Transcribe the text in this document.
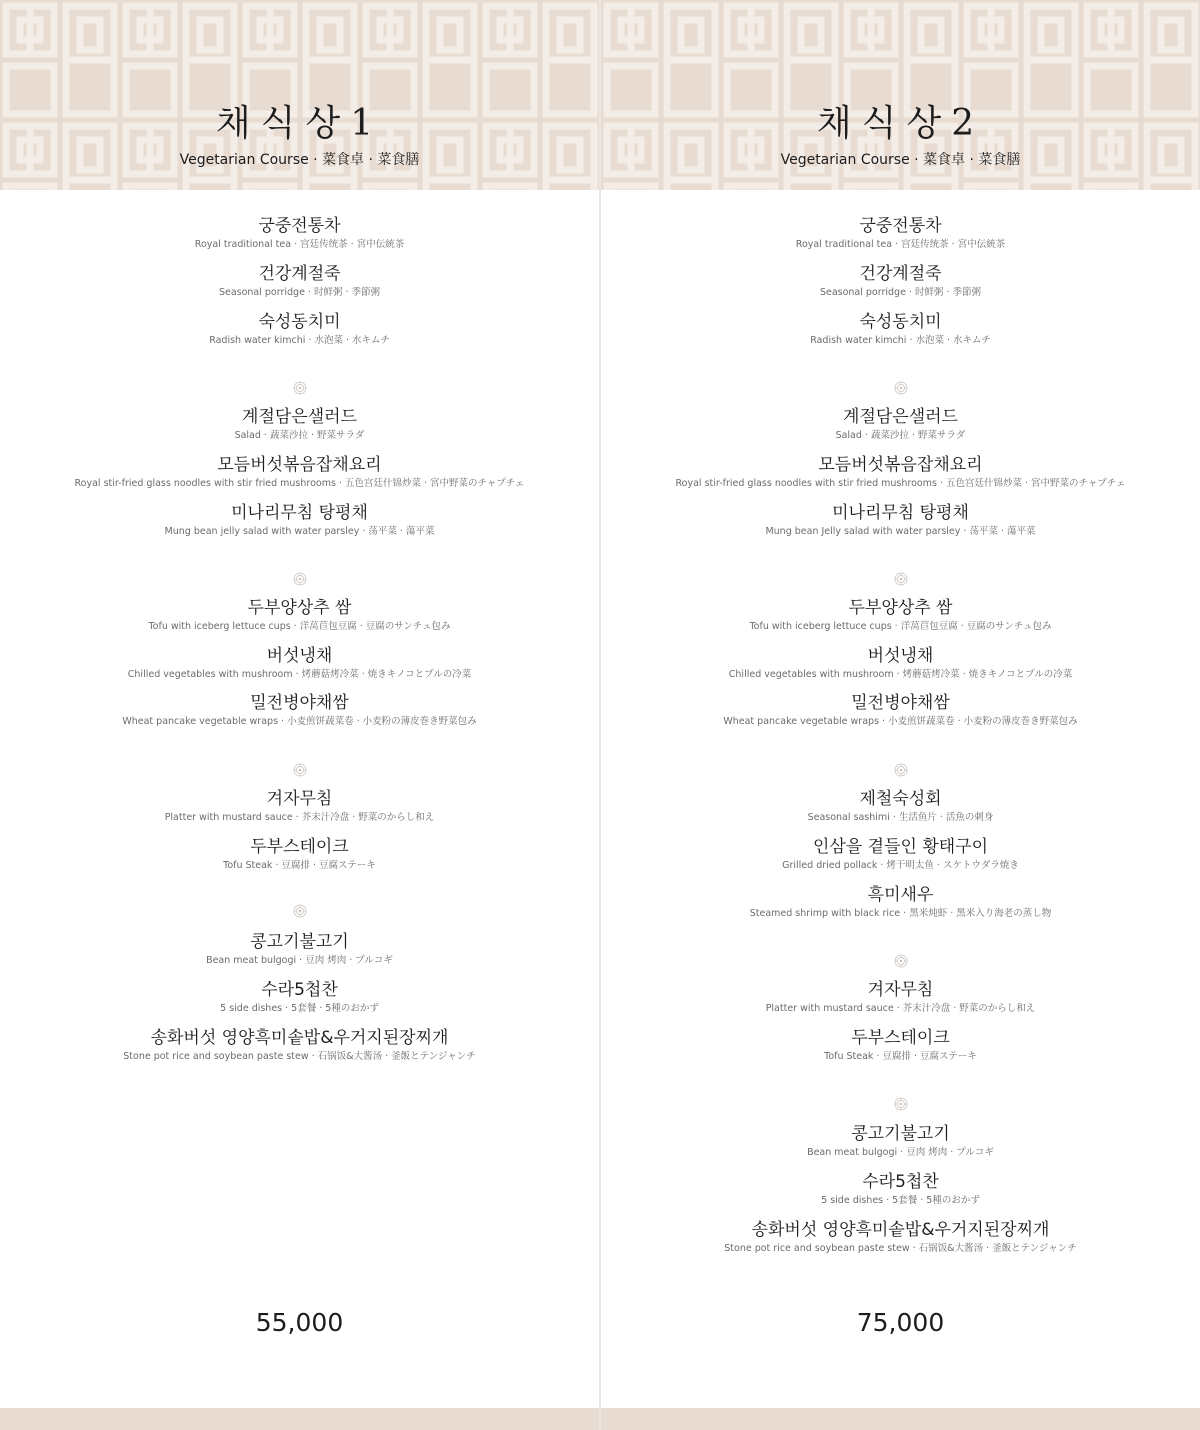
채식상1
Vegetarian Course · 菜食卓 · 菜食膳
궁중전통차
Royal traditional tea · 宫廷传统茶 · 宮中伝統茶
건강계절죽
Seasonal porridge · 时鲜粥 · 季節粥
숙성동치미
Radish water kimchi · 水泡菜 · 水キムチ
계절담은샐러드
Salad · 蔬菜沙拉 · 野菜サラダ
모듬버섯볶음잡채요리
Royal stir-fried glass noodles with stir fried mushrooms · 五色宫廷什锦炒菜 · 宮中野菜のチャプチェ
미나리무침 탕평채
Mung bean jelly salad with water parsley · 荡平菜 · 蕩平菜
두부양상추 쌈
Tofu with iceberg lettuce cups · 洋莴苣包豆腐 · 豆腐のサンチュ包み
버섯냉채
Chilled vegetables with mushroom · 烤蘑菇烤冷菜 · 焼きキノコとプルの冷菜
밀전병야채쌈
Wheat pancake vegetable wraps · 小麦煎饼蔬菜卷 · 小麦粉の薄皮巻き野菜包み
겨자무침
Platter with mustard sauce · 芥末汁冷盘 · 野菜のからし和え
두부스테이크
Tofu Steak · 豆腐排 · 豆腐ステーキ
콩고기불고기
Bean meat bulgogi · 豆肉 烤肉 · プルコギ
수라5첩찬
5 side dishes · 5套餐 · 5種のおかず
송화버섯 영양흑미솥밥&우거지된장찌개
Stone pot rice and soybean paste stew · 石锅饭&大酱汤 · 釜飯とテンジャンチ
55,000
채식상2
Vegetarian Course · 菜食卓 · 菜食膳
궁중전통차
Royal traditional tea · 宫廷传统茶 · 宮中伝統茶
건강계절죽
Seasonal porridge · 时鲜粥 · 季節粥
숙성동치미
Radish water kimchi · 水泡菜 · 水キムチ
계절담은샐러드
Salad · 蔬菜沙拉 · 野菜サラダ
모듬버섯볶음잡채요리
Royal stir-fried glass noodles with stir fried mushrooms · 五色宫廷什锦炒菜 · 宮中野菜のチャプチェ
미나리무침 탕평채
Mung bean Jelly salad with water parsley · 荡平菜 · 蕩平菜
두부양상추 쌈
Tofu with iceberg lettuce cups · 洋莴苣包豆腐 · 豆腐のサンチュ包み
버섯냉채
Chilled vegetables with mushroom · 烤蘑菇烤冷菜 · 焼きキノコとプルの冷菜
밀전병야채쌈
Wheat pancake vegetable wraps · 小麦煎饼蔬菜卷 · 小麦粉の薄皮巻き野菜包み
제철숙성회
Seasonal sashimi · 生活鱼片 · 活魚の刺身
인삼을 곁들인 황태구이
Grilled dried pollack · 烤干明太鱼 · スケトウダラ焼き
흑미새우
Steamed shrimp with black rice · 黑米炖虾 · 黑米入り海老の蒸し物
겨자무침
Platter with mustard sauce · 芥末汁冷盘 · 野菜のからし和え
두부스테이크
Tofu Steak · 豆腐排 · 豆腐ステーキ
콩고기불고기
Bean meat bulgogi · 豆肉 烤肉 · プルコギ
수라5첩찬
5 side dishes · 5套餐 · 5種のおかず
송화버섯 영양흑미솥밥&우거지된장찌개
Stone pot rice and soybean paste stew · 石锅饭&大酱汤 · 釜飯とテンジャンチ
75,000
